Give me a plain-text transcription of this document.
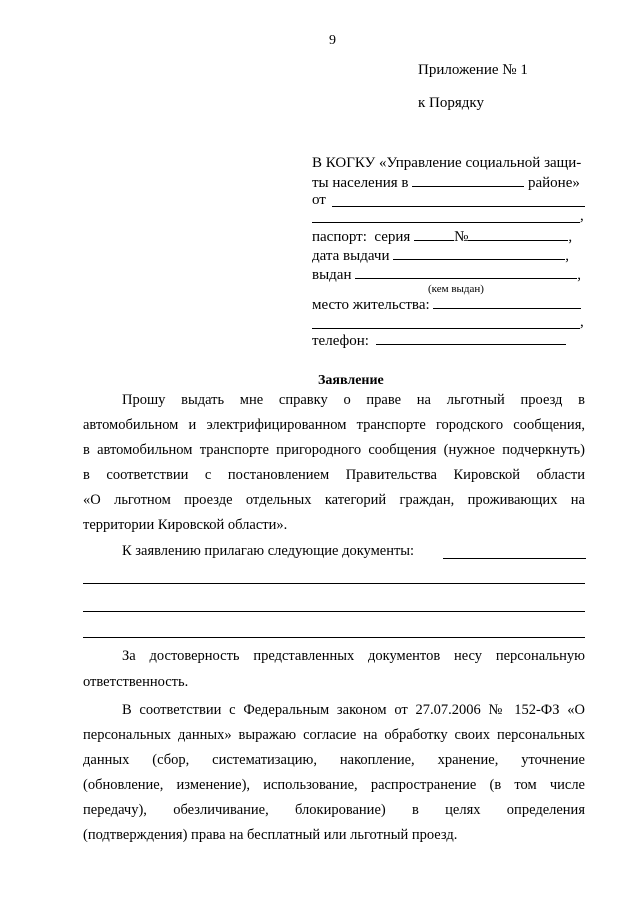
9
Приложение № 1
к Порядку
В КОГКУ «Управление социальной защи-
ты населения в	районе»
от
,
паспорт: серия	№	,
дата выдачи	,
выдан	,
(кем выдан)
место жительства:
,
телефон:
Заявление
Прошу выдать мне справку о праве на льготный проезд в
автомобильном и электрифицированном транспорте городского сообщения,
в автомобильном транспорте пригородного сообщения (нужное подчеркнуть)
в соответствии с постановлением Правительства Кировской области
«О льготном проезде отдельных категорий граждан, проживающих на
территории Кировской области».
К заявлению прилагаю следующие документы:
За достоверность представленных документов несу персональную
ответственность.
В соответствии с Федеральным законом от 27.07.2006 № 152-ФЗ «О
персональных данных» выражаю согласие на обработку своих персональных
данных (сбор, систематизацию, накопление, хранение, уточнение
(обновление, изменение), использование, распространение (в том числе
передачу), обезличивание, блокирование) в целях определения
(подтверждения) права на бесплатный или льготный проезд.
